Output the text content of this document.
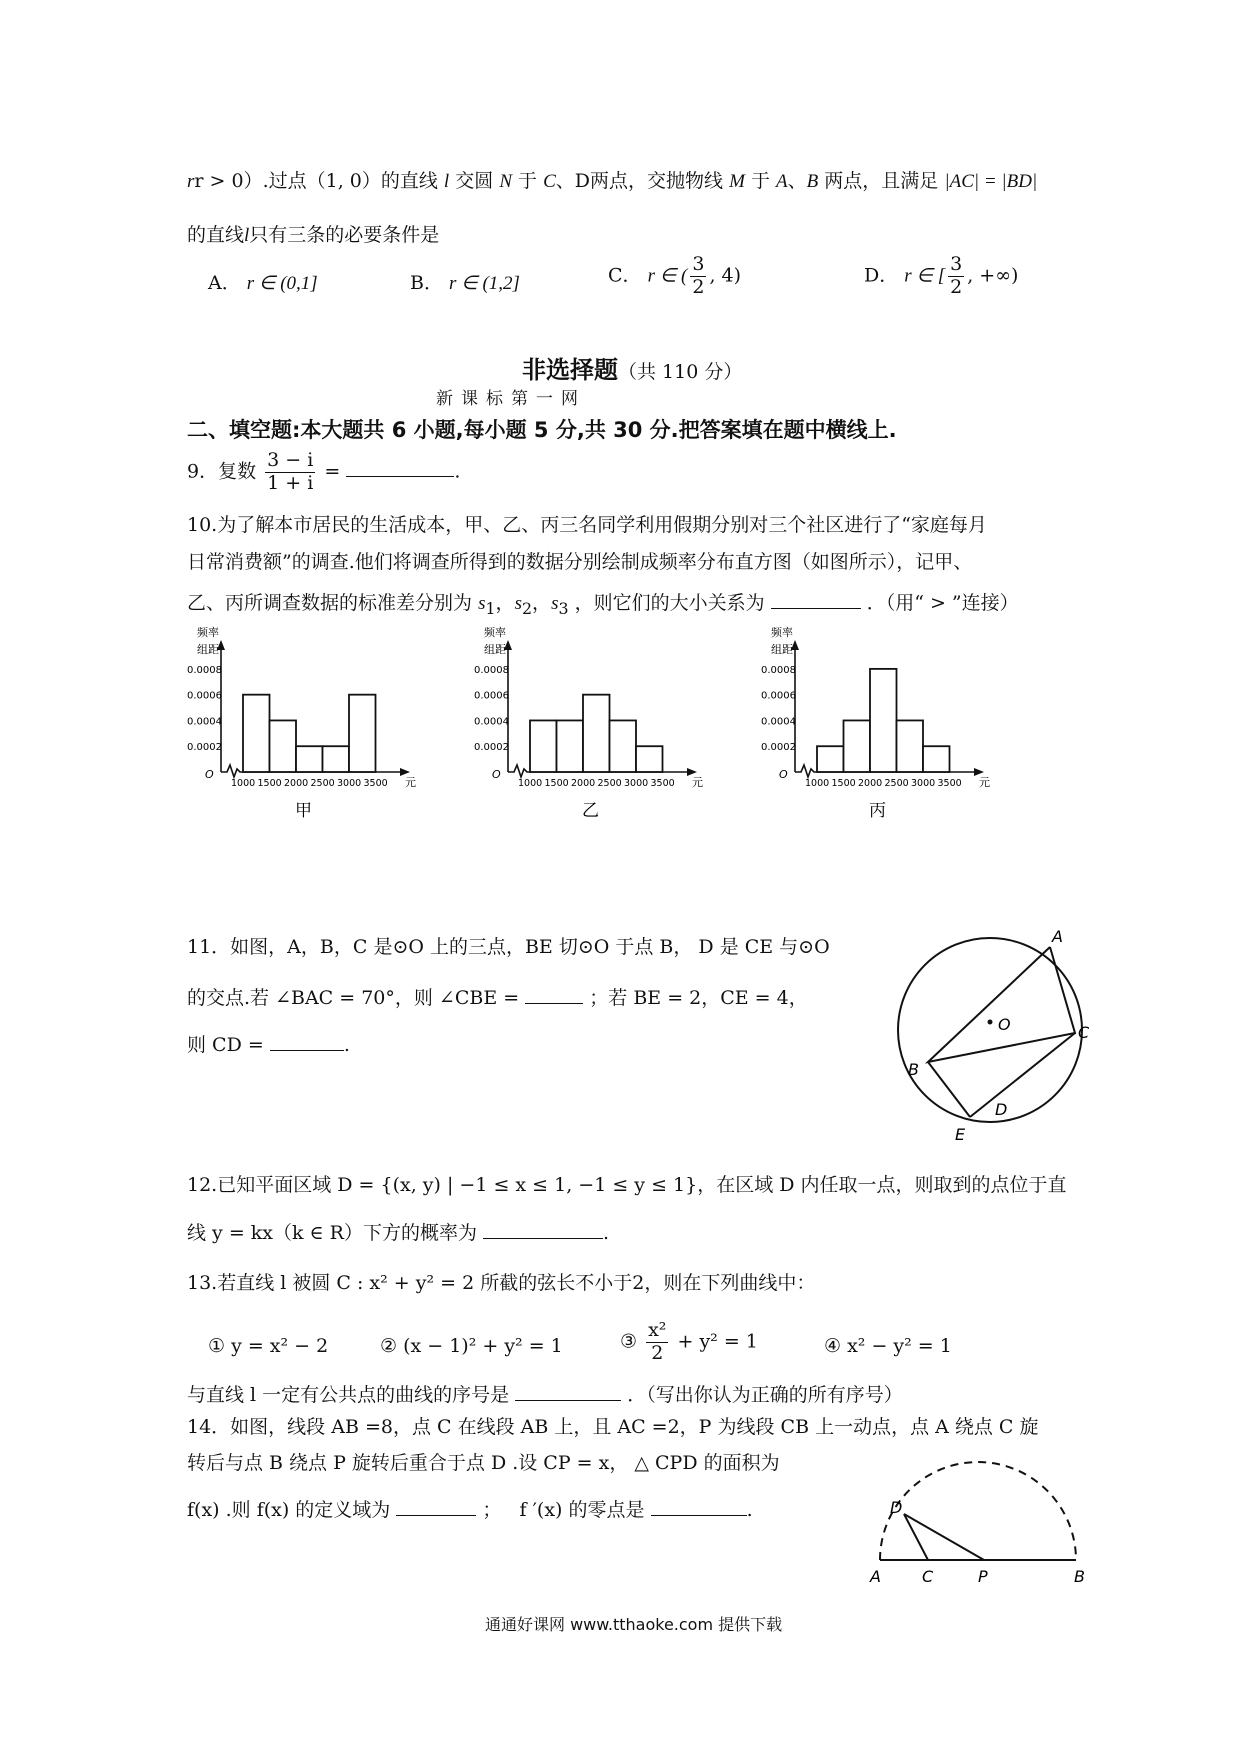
rr > 0）.过点（1, 0）的直线 l 交圆 N 于 C、D两点，交抛物线 M 于 A、B 两点，且满足 |AC| = |BD|
的直线l只有三条的必要条件是
A． r ∈ (0,1]	B． r ∈ (1,2]	C． r ∈ ( $\frac{3}{2}$ , 4)	D． r ∈ [ $\frac{3}{2}$ , +∞)
非选择题（共 110 分）
新课标第一网
二、填空题:本大题共 6 小题,每小题 5 分,共 30 分.把答案填在题中横线上.
9．复数 $\frac{3 - i}{1 + i}$ =	.
10.为了解本市居民的生活成本，甲、乙、丙三名同学利用假期分别对三个社区进行了“家庭每月
日常消费额”的调查.他们将调查所得到的数据分别绘制成频率分布直方图（如图所示），记甲、
乙、丙所调查数据的标准差分别为 $s_1$，$s_2$，$s_3$ ，则它们的大小关系为	．（用“ > ”连接）
频率
组距
0.0008
0.0006
0.0004
0.0002
O
1000 1500 2000 2500 3000 3500 元
甲
频率
组距
0.0008
0.0006
0.0004
0.0002
O
1000 1500 2000 2500 3000 3500 元
乙
频率
组距
0.0008
0.0006
0.0004
0.0002
O
1000 1500 2000 2500 3000 3500 元
丙
11．如图，A，B，C 是⊙O 上的三点，BE 切⊙O 于点 B， D 是 CE 与⊙O
的交点.若 ∠BAC = 70°，则 ∠CBE =	；若 BE = 2，CE = 4，
则 CD =	.
A
O	C
B
D
E
12.已知平面区域 D = {(x, y) | −1 ≤ x ≤ 1, −1 ≤ y ≤ 1}，在区域 D 内任取一点，则取到的点位于直
线 y = kx（k ∈ R）下方的概率为	.
13.若直线 l 被圆 C : x² + y² = 2 所截的弦长不小于2，则在下列曲线中：
① y = x² − 2	② (x − 1)² + y² = 1	③ $\frac{\text{x²}}{2} + y^2 = 1$	④ x² − y² = 1
与直线 l 一定有公共点的曲线的序号是	．（写出你认为正确的所有序号）
14．如图，线段 AB =8，点 C 在线段 AB 上，且 AC =2，P 为线段 CB 上一动点，点 A 绕点 C 旋
转后与点 B 绕点 P 旋转后重合于点 D .设 CP = x， △ CPD 的面积为
f(x) .则 f(x) 的定义域为	； f ′(x) 的零点是	.	D
A	C	P	B
通通好课网 www.tthaoke.com 提供下载
